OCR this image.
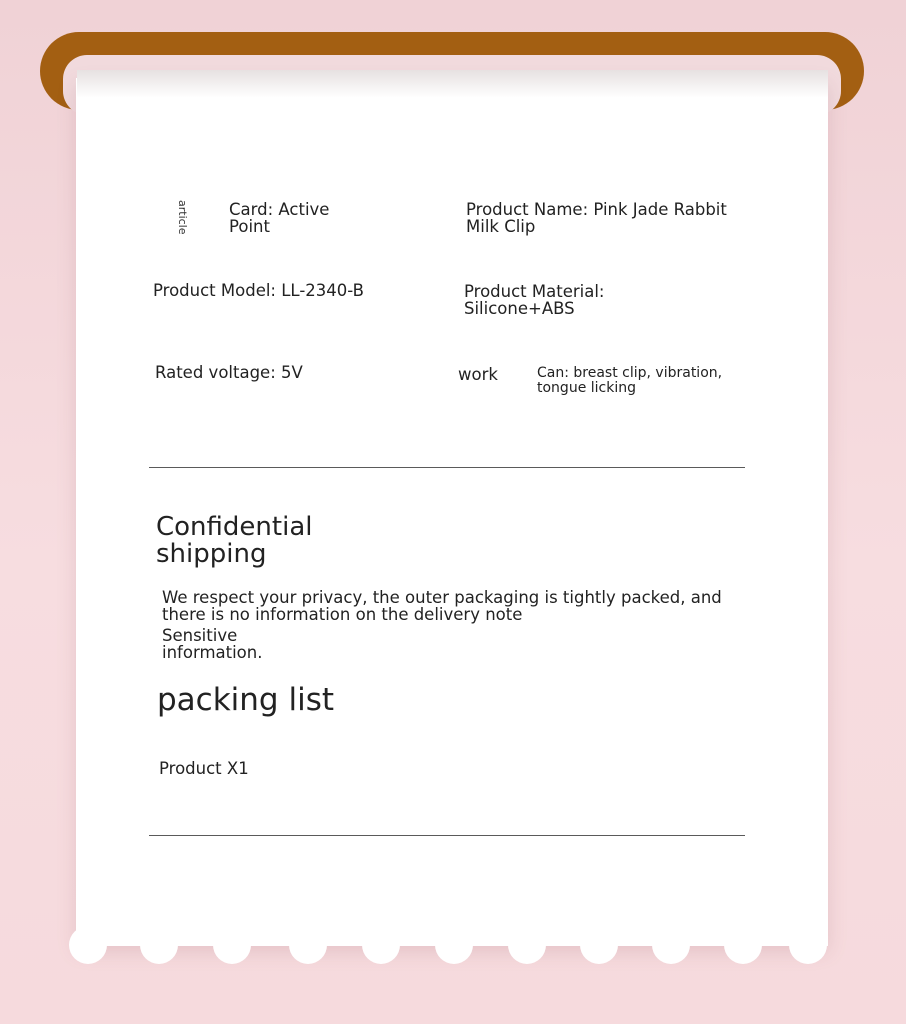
article Card: Active
Point
Product Name: Pink Jade Rabbit
Milk Clip
Product Model: LL-2340-B	Product Material:
Silicone+ABS
Rated voltage: 5V	work	Can: breast clip, vibration,
tongue licking
Confidential
shipping
We respect your privacy, the outer packaging is tightly packed, and
there is no information on the delivery note
Sensitive
information.
packing list
Product X1
